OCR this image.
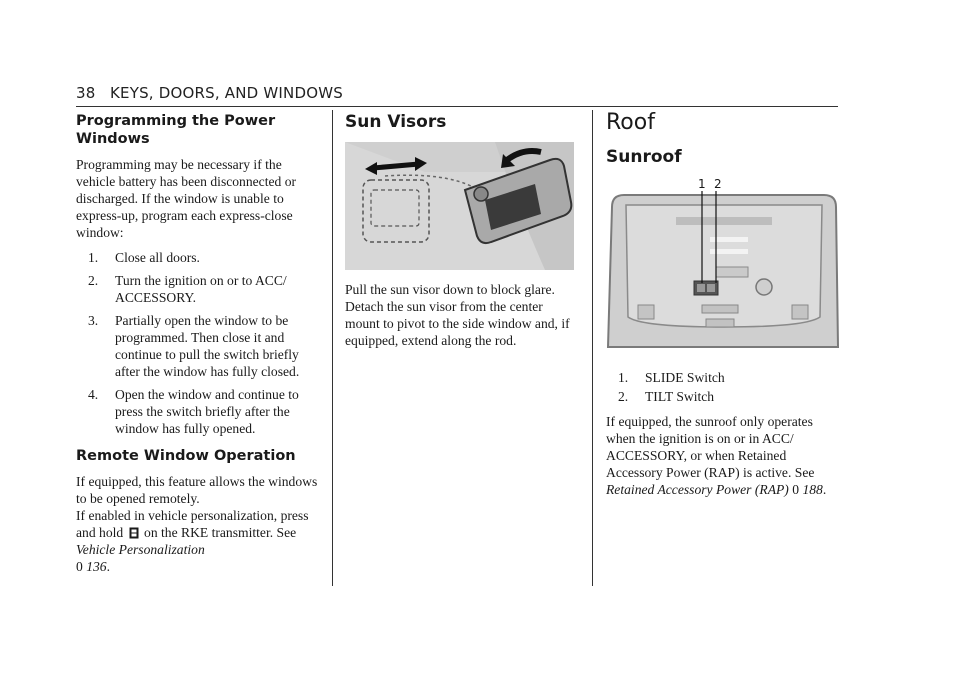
38 KEYS, DOORS, AND WINDOWS
Programming the Power Windows

Programming may be necessary if the vehicle battery has been disconnected or discharged. If the window is unable to express-up, program each express-close window:

1. Close all doors.
2. Turn the ignition on or to ACC/ ACCESSORY.
3. Partially open the window to be programmed. Then close it and continue to pull the switch briefly after the window has fully closed.
4. Open the window and continue to press the switch briefly after the window has fully opened.
Remote Window Operation

If equipped, this feature allows the windows to be opened remotely.
If enabled in vehicle personalization, press and hold on the RKE transmitter. See Vehicle Personalization
0 136.

Sun Visors

Pull the sun visor down to block glare. Detach the sun visor from the center mount to pivot to the side window and, if equipped, extend along the rod.

Roof
Sunroof
1 2
1. SLIDE Switch
2. TILT Switch

If equipped, the sunroof only operates when the ignition is on or in ACC/ ACCESSORY, or when Retained Accessory Power (RAP) is active. See
Retained Accessory Power (RAP) 0 188.
